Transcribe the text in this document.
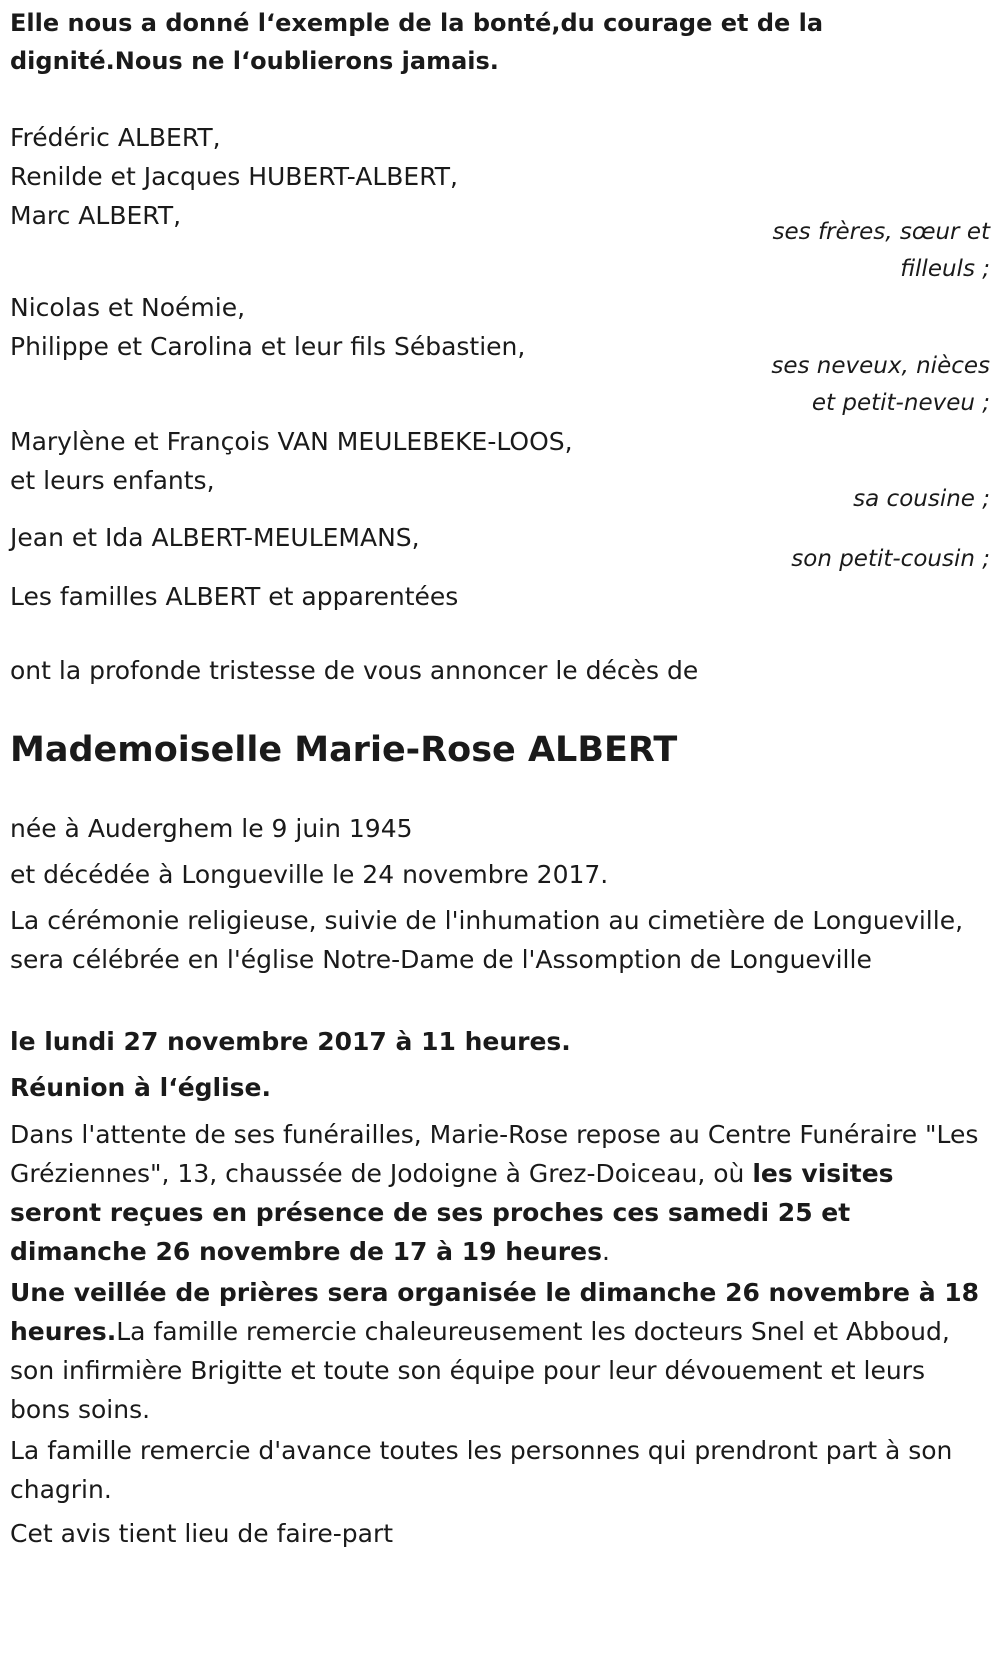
Elle nous a donné l‘exemple de la bonté,du courage et de la dignité.Nous ne l‘oublierons jamais.
Frédéric ALBERT,
Renilde et Jacques HUBERT-ALBERT,
Marc ALBERT,
ses frères, sœur et
filleuls ;
Nicolas et Noémie,
Philippe et Carolina et leur fils Sébastien,
ses neveux, nièces
et petit-neveu ;
Marylène et François VAN MEULEBEKE-LOOS,
et leurs enfants,
sa cousine ;
Jean et Ida ALBERT-MEULEMANS,
son petit-cousin ;
Les familles ALBERT et apparentées
ont la profonde tristesse de vous annoncer le décès de
Mademoiselle Marie-Rose ALBERT
née à Auderghem le 9 juin 1945
et décédée à Longueville le 24 novembre 2017.
La cérémonie religieuse, suivie de l'inhumation au cimetière de Longueville, sera célébrée en l'église Notre-Dame de l'Assomption de Longueville
le lundi 27 novembre 2017 à 11 heures.
Réunion à l‘église.
Dans l'attente de ses funérailles, Marie-Rose repose au Centre Funéraire "Les Gréziennes", 13, chaussée de Jodoigne à Grez-Doiceau, où les visites seront reçues en présence de ses proches ces samedi 25 et dimanche 26 novembre de 17 à 19 heures.
Une veillée de prières sera organisée le dimanche 26 novembre à 18 heures.La famille remercie chaleureusement les docteurs Snel et Abboud, son infirmière Brigitte et toute son équipe pour leur dévouement et leurs bons soins.
La famille remercie d'avance toutes les personnes qui prendront part à son chagrin.
Cet avis tient lieu de faire-part
